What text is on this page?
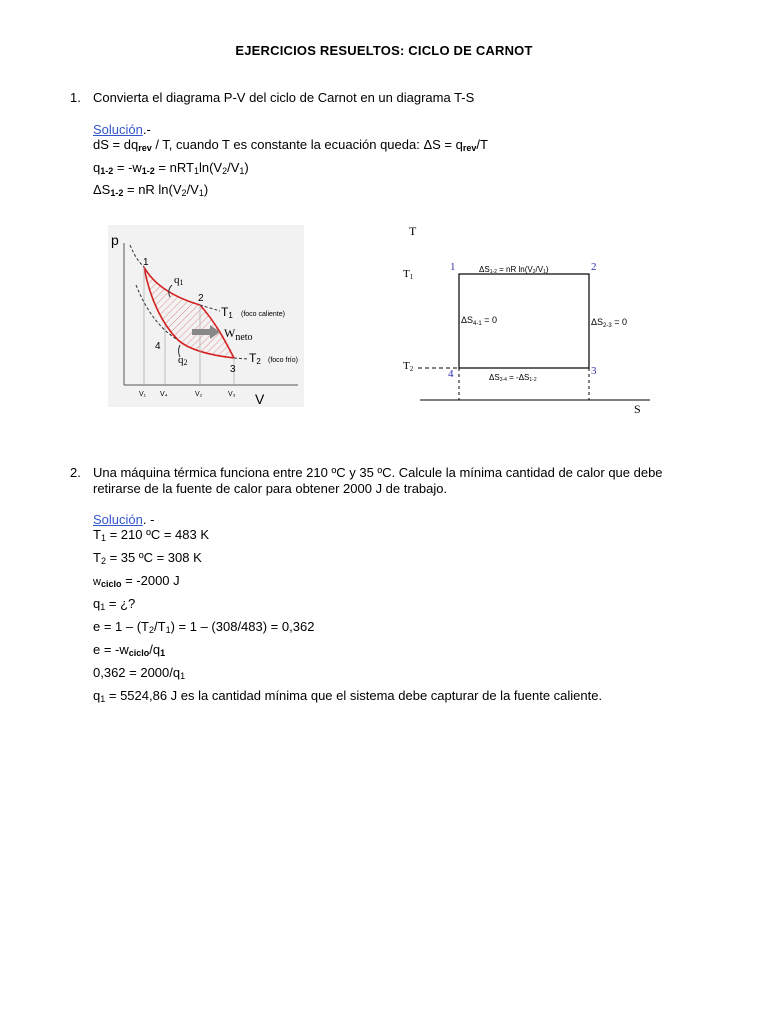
EJERCICIOS RESUELTOS: CICLO DE CARNOT
1. Convierta el diagrama P-V del ciclo de Carnot en un diagrama T-S
Solución.-
dS = $dq_{rev}$ / T, cuando T es constante la ecuación queda: $\Delta S = q_{rev}/T$
$q_{1-2} = -w_{1-2} = nRT_1\ln(V_2/V_1)$
$\Delta S_{1-2}$ = nR $\ln(V_2/V_1)$
p
V
1
2
3
4
q1
q2
T1 (foco caliente)
T2 (foco frío)
$W_{neto}$
V₁ V₄	V₂	V₃
T
S
T1
T2
1	2
3
4
ΔS1-2 = nR ln(V2/V1)
$\Delta S_{4-1} = 0$	$\Delta S_{2-3} = 0$
ΔS3-4 = -ΔS1-2
2. Una máquina térmica funciona entre 210 ºC y 35 ºC. Calcule la mínima cantidad de calor que debe
retirarse de la fuente de calor para obtener 2000 J de trabajo.
Solución. -
$T_1 = 210$ ºC = 483 K
$T_2 = 35$ ºC = 308 K
$w_{ciclo} = -2000$ J
$q_1$ = ¿?
$e = 1 - (T_2/T_1) = 1 - (308/483) = 0,362$
$e = -w_{ciclo}/q_1$
$0,362 = 2000/q_1$
$q_1 = 5524,86$ J es la cantidad mínima que el sistema debe capturar de la fuente caliente.
